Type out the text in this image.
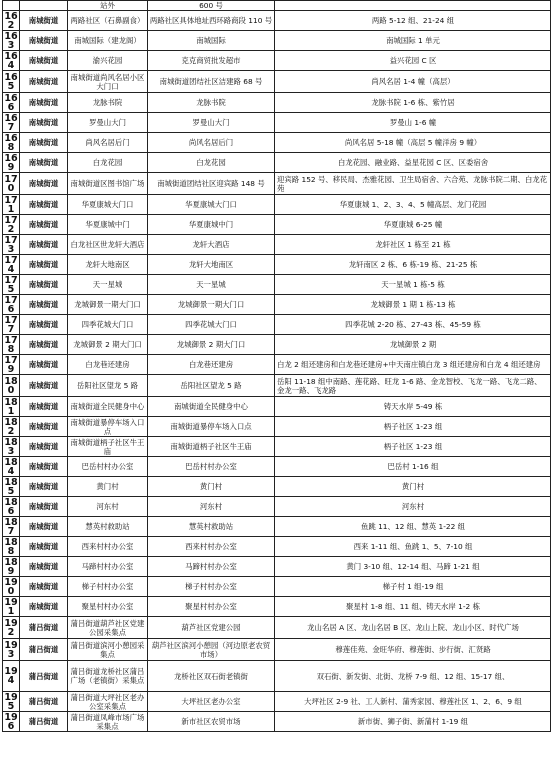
		站外	600 号	
162	南城街道	两路社区（石鼻副食）	两路社区具体地址西环路商段 110 号	两路 5-12 组、21-24 组
163	南城街道	南城国际（建龙阁）	南城国际	南城国际 1 单元
164	南城街道	渝兴花园	克克商贸批发超市	益兴花园 C 区
165	南城街道	南城街道尚风名居小区大门口	南城街道团结社区洁建路 68 号	尚风名居 1-4 幢（高层）
166	南城街道	龙脉书院	龙脉书院	龙脉书院 1-6 栋、紫竹居
167	南城街道	罗曼山大门	罗曼山大门	罗曼山 1-6 幢
168	南城街道	尚风名居后门	尚风名居后门	尚风名居 5-18 幢（高层 5 幢洋房 9 幢）
169	南城街道	白龙花园	白龙花园	白龙花园、融业路、益星花园 C 区、区委宿舍
170	南城街道	南城街道区图书馆广场	南城街道团结社区迎宾路 148 号	迎宾路 152 号、移民局、杰雅花园、卫生局宿舍、六合苑、龙脉书院二期、白龙花苑
171	南城街道	华夏康城大门口	华夏康城大门口	华夏康城 1、2、3、4、5 幢高层、龙门花园
172	南城街道	华夏康城中门	华夏康城中门	华夏康城 6-25 幢
173	南城街道	白龙社区世龙轩大酒店	龙轩大酒店	龙轩社区 1 栋至 21 栋
174	南城街道	龙轩大地南区	龙轩大地南区	龙轩南区 2 栋、6 栋-19 栋、21-25 栋
175	南城街道	天一星城	天一星城	天一星城 1 栋-5 栋
176	南城街道	龙城御景一期大门口	龙城御景一期大门口	龙城御景 1 期 1 栋-13 栋
177	南城街道	四季花城大门口	四季花城大门口	四季花城 2-20 栋、27-43 栋、45-59 栋
178	南城街道	龙城御景 2 期大门口	龙城御景 2 期大门口	龙城御景 2 期
179	南城街道	白龙巷还建房	白龙巷还建房	白龙 2 组还建房和白龙巷还建房+中天南庄镇白龙 3 组还建房和白龙 4 组还建房
180	南城街道	岳阳社区望龙 5 路	岳阳社区望龙 5 路	岳阳 11-18 组中南路、莲花路、旺龙 1-6 路、金龙智校、飞龙一路、飞龙二路、金龙一路、飞龙路
181	南城街道	南城街道全民健身中心	南城街道全民健身中心	铸天水岸 5-49 栋
182	南城街道	南城街道暴停车场入口点	南城街道暴停车场入口点	柄子社区 1-23 组
183	南城街道	南城街道柄子社区牛王庙	南城街道柄子社区牛王庙	柄子社区 1-23 组
184	南城街道	巴岳村村办公室	巴岳村村办公室	巴岳村 1-16 组
185	南城街道	黄门村	黄门村	黄门村
186	南城街道	河东村	河东村	河东村
187	南城街道	慧英村救助站	慧英村救助站	鱼跳 11、12 组、慧英 1-22 组
188	南城街道	西来村村办公室	西来村村办公室	西来 1-11 组、鱼跳 1、5、7-10 组
189	南城街道	马蹄村村办公室	马蹄村村办公室	黄门 3-10 组、12-14 组、马蹄 1-21 组
190	南城街道	梯子村村办公室	梯子村村办公室	梯子村 1 组-19 组
191	南城街道	聚星村村办公室	聚星村村办公室	聚星村 1-8 组、11 组、铸天水岸 1-2 栋
192	蒲吕街道	蒲吕街道葫芦社区党建公园采集点	葫芦社区党建公园	龙山名居 A 区、龙山名居 B 区、龙山上院、龙山小区、时代广场
193	蒲吕街道	蒲吕街道滨河小憩园采集点	葫芦社区滨河小憩园（河边原老农贸市场）	穆莲佳苑、金旺华府、穆莲街、步行街、汇贤路
194	蒲吕街道	蒲吕街道龙桥社区蒲吕广场（老镇街）采集点	龙桥社区双石街老镇街	双石街、新发街、北街、龙桥 7-9 组、12 组、15-17 组、
195	蒲吕街道	蒲吕街道大坪社区老办公室采集点	大坪社区老办公室	大坪社区 2-9 社、工人新村、蒲秀家园、穆莲社区 1、2、6、9 组
196	蒲吕街道	蒲吕街道凤峰市场广场采集点	新市社区农贸市场	新市街、狮子街、新蒲村 1-19 组
